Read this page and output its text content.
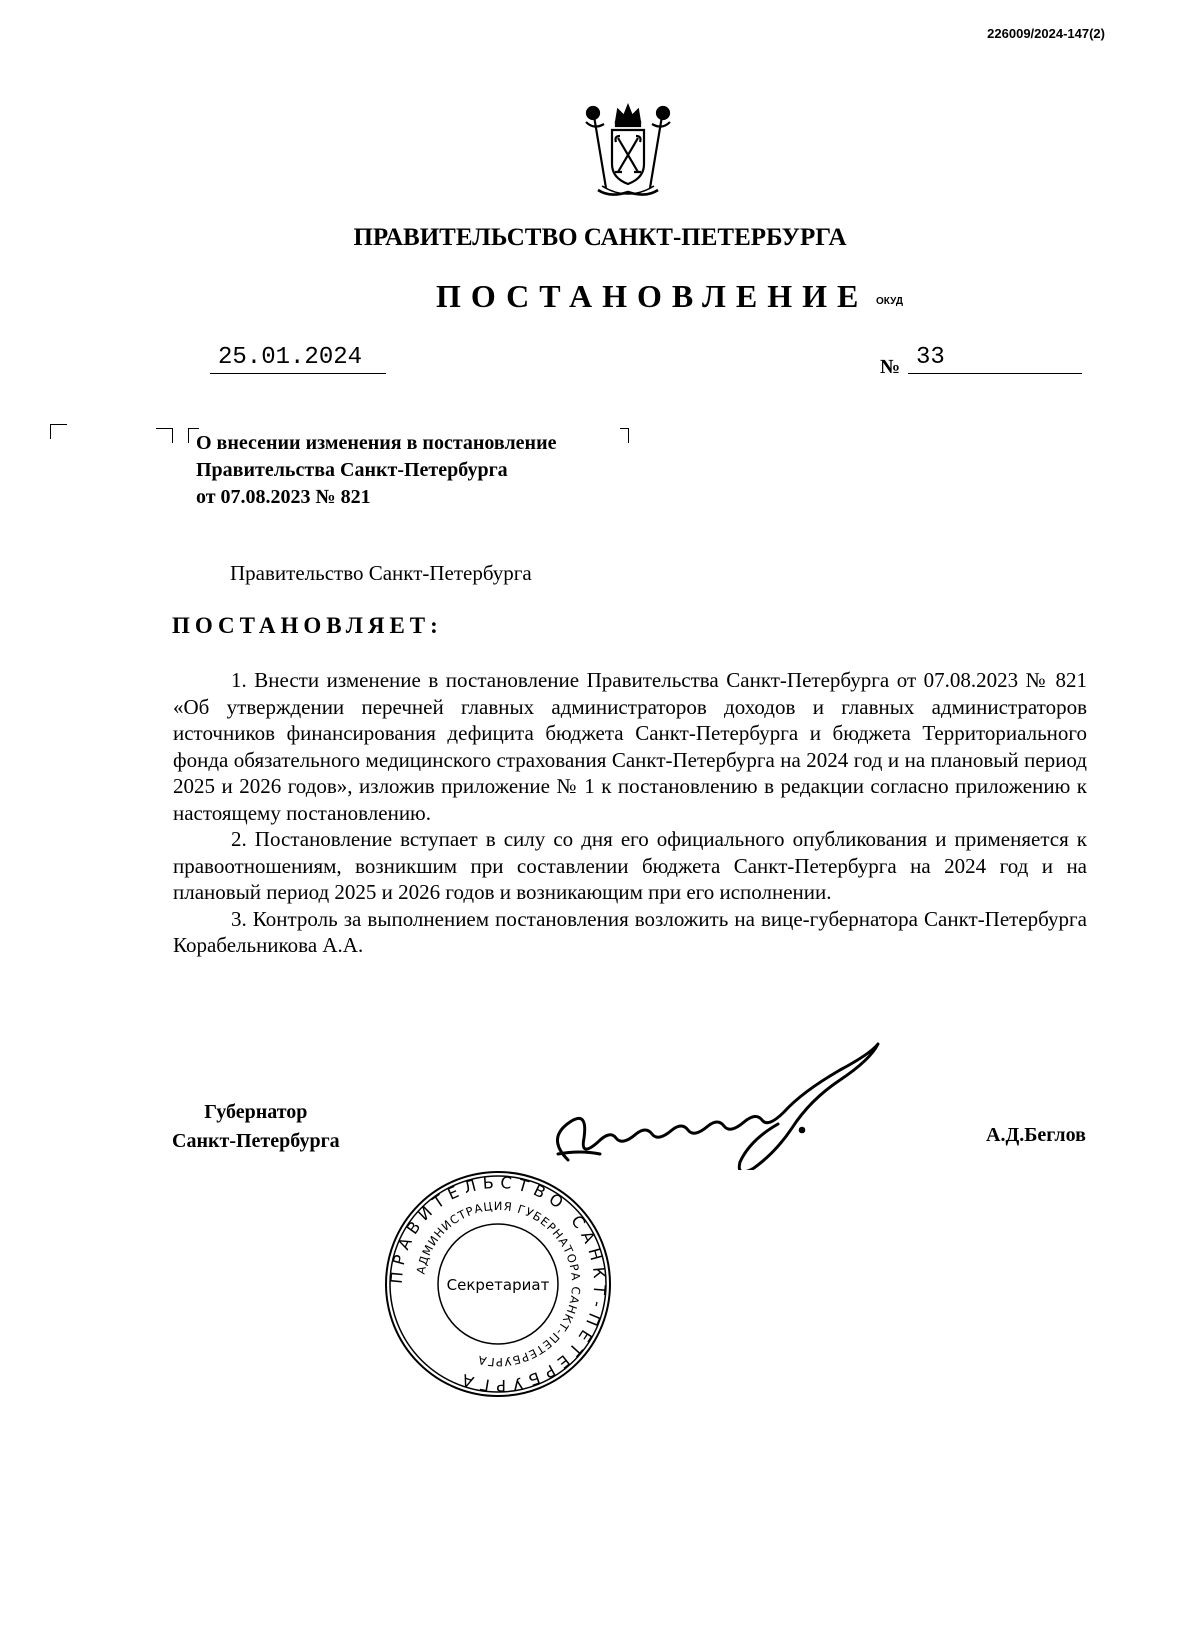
226009/2024-147(2)
ПРАВИТЕЛЬСТВО САНКТ-ПЕТЕРБУРГА
ПОСТАНОВЛЕНИЕ ОКУД
25.01.2024	№ 33
О внесении изменения в постановление
Правительства Санкт-Петербурга
от 07.08.2023 № 821
Правительство Санкт-Петербурга
ПОСТАНОВЛЯЕТ:

1. Внести изменение в постановление Правительства Санкт-Петербурга от 07.08.2023 № 821 «Об утверждении перечней главных администраторов доходов и главных администраторов источников финансирования дефицита бюджета Санкт-Петербурга и бюджета Территориального фонда обязательного медицинского страхования Санкт-Петербурга на 2024 год и на плановый период 2025 и 2026 годов», изложив приложение № 1 к постановлению в редакции согласно приложению к настоящему постановлению.

2. Постановление вступает в силу со дня его официального опубликования и применяется к правоотношениям, возникшим при составлении бюджета Санкт-Петербурга на 2024 год и на плановый период 2025 и 2026 годов и возникающим при его исполнении.

3. Контроль за выполнением постановления возложить на вице-губернатора Санкт-Петербурга Корабельникова А.А.

Губернатор
Санкт-Петербурга	А.Д.Беглов
ПРАВИТЕЛЬСТВО САНКТ-ПЕТЕРБУРГА
АДМИНИСТРАЦИЯ ГУБЕРНАТОРА САНКТ-ПЕТЕРБУРГА
Секретариат
